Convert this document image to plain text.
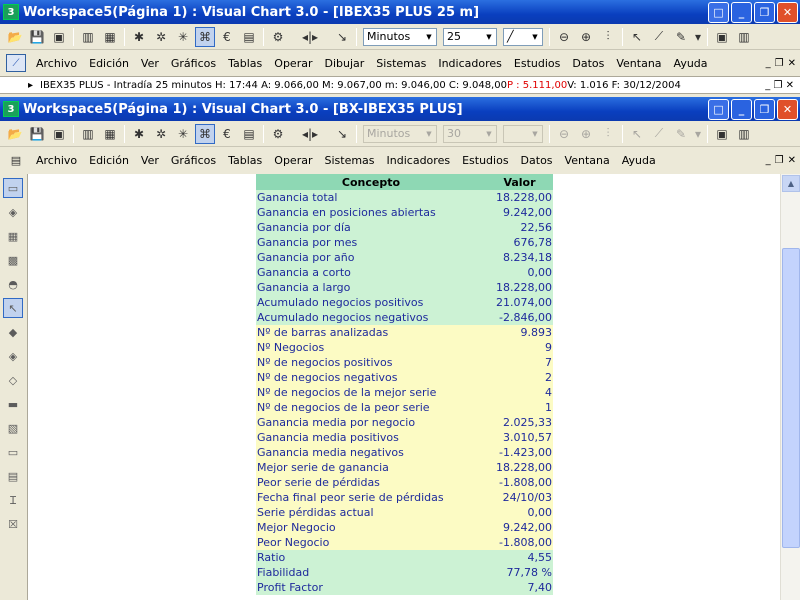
3 Workspace5(Página 1) : Visual Chart 3.0 - [IBEX35 PLUS 25 m]	□	_	❐	✕
📂 💾 ▣	▥ ▦	✱ ✲ ✳ ⌘	€	▤	⚙	◂|▸	↘	Minutos	▼	25	▼	╱	▼	⊖ ⊕	⫶	↖	⟋	✎ ▾	▣ ▥
⟋	Archivo	Edición	Ver	Gráficos	Tablas	Operar	Dibujar	Sistemas	Indicadores	Estudios	Datos	Ventana	Ayuda	_ ❐ ✕
▸ IBEX35 PLUS - Intradía 25 minutos H: 17:44 A: 9.066,00 M: 9.067,00 m: 9.046,00 C: 9.048,00 P : 5.111,00 V: 1.016 F: 30/12/2004	_ ❐ ✕
3 Workspace5(Página 1) : Visual Chart 3.0 - [BX-IBEX35 PLUS]	□	_	❐	✕
📂 💾 ▣	▥ ▦	✱ ✲ ✳ ⌘	€	▤	⚙	◂|▸	↘	Minutos	▼	30	▼	▼	⊖ ⊕	⫶	↖	⟋	✎ ▾	▣ ▥
▤	Archivo	Edición	Ver	Gráficos	Tablas	Operar	Sistemas	Indicadores	Estudios	Datos	Ventana	Ayuda	_ ❐ ✕
▭
◈
▦
▩
◓
↖
◆
◈
◇
▬
▧
▭
▤
Ɪ
☒
Concepto	Valor
Ganancia total	18.228,00
Ganancia en posiciones abiertas	9.242,00
Ganancia por día	22,56
Ganancia por mes	676,78
Ganancia por año	8.234,18
Ganancia a corto	0,00
Ganancia a largo	18.228,00
Acumulado negocios positivos	21.074,00
Acumulado negocios negativos	-2.846,00
Nº de barras analizadas	9.893
Nº Negocios	9
Nº de negocios positivos	7
Nº de negocios negativos	2
Nº de negocios de la mejor serie	4
Nº de negocios de la peor serie	1
Ganancia media por negocio	2.025,33
Ganancia media positivos	3.010,57
Ganancia media negativos	-1.423,00
Mejor serie de ganancia	18.228,00
Peor serie de pérdidas	-1.808,00
Fecha final peor serie de pérdidas	24/10/03
Serie pérdidas actual	0,00
Mejor Negocio	9.242,00
Peor Negocio	-1.808,00
Ratio	4,55
Fiabilidad	77,78 %
Profit Factor	7,40
▲
